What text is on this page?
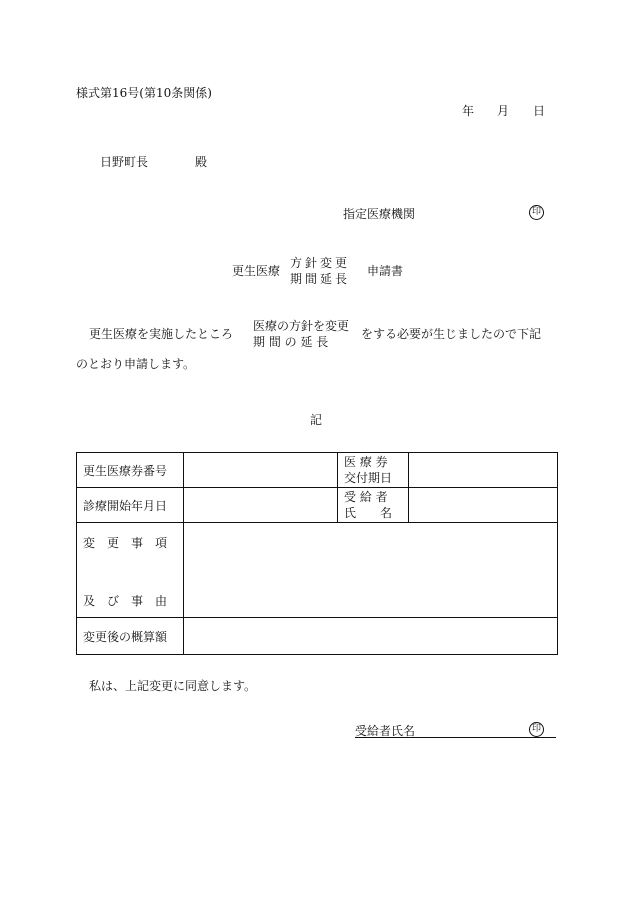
様式第16号(第10条関係)
年 月 日
日野町長	殿
指定医療機関	印
更生医療
方針変更
期間延長
申請書
更生医療を実施したところ
医療の方針を変更
期 間 の 延 長
をする必要が生じましたので下記
のとおり申請します。
記
更生医療券番号		医 療 券
交付期日	

診療開始年月日		受 給 者
氏　　名	

変　更　事　項
及　び　事　由			

変更後の概算額			
私は、上記変更に同意します。
受給者氏名	印
